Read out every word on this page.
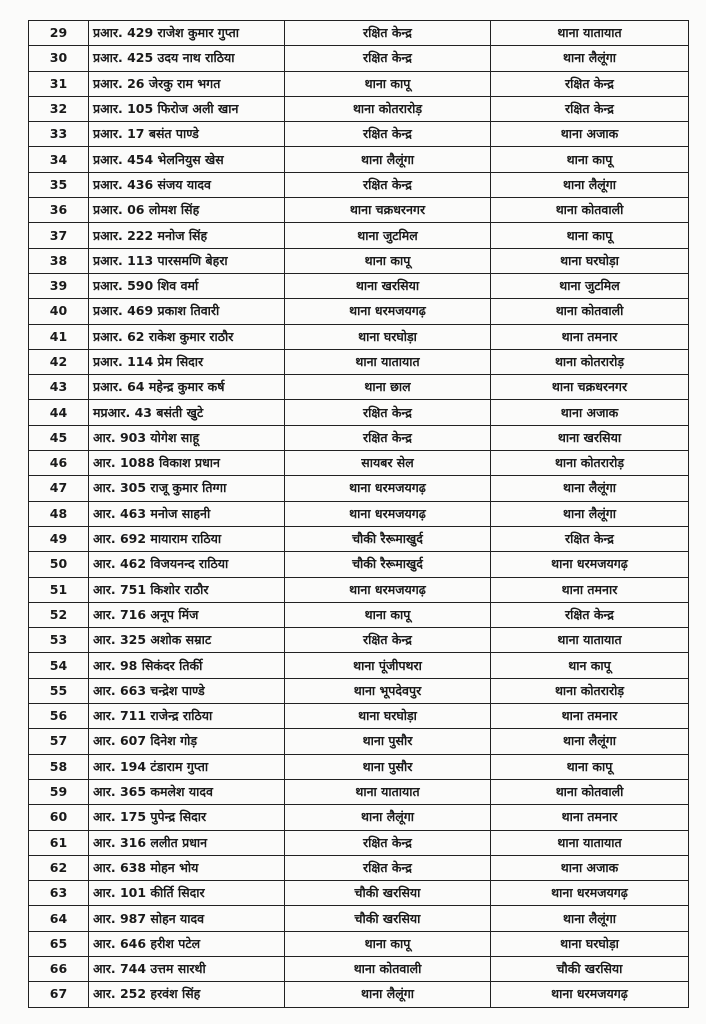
29	प्रआर. 429 राजेश कुमार गुप्ता	रक्षित केन्द्र	थाना यातायात
30	प्रआर. 425 उदय नाथ राठिया	रक्षित केन्द्र	थाना लैलूंगा
31	प्रआर. 26 जेरकु राम भगत	थाना कापू	रक्षित केन्द्र
32	प्रआर. 105 फिरोज अली खान	थाना कोतरारोड़	रक्षित केन्द्र
33	प्रआर. 17 बसंत पाण्डे	रक्षित केन्द्र	थाना अजाक
34	प्रआर. 454 भेलनियुस खेस	थाना लैलूंगा	थाना कापू
35	प्रआर. 436 संजय यादव	रक्षित केन्द्र	थाना लैलूंगा
36	प्रआर. 06 लोमश सिंह	थाना चक्रधरनगर	थाना कोतवाली
37	प्रआर. 222 मनोज सिंह	थाना जुटमिल	थाना कापू
38	प्रआर. 113 पारसमणि बेहरा	थाना कापू	थाना घरघोड़ा
39	प्रआर. 590 शिव वर्मा	थाना खरसिया	थाना जुटमिल
40	प्रआर. 469 प्रकाश तिवारी	थाना धरमजयगढ़	थाना कोतवाली
41	प्रआर. 62 राकेश कुमार राठौर	थाना घरघोड़ा	थाना तमनार
42	प्रआर. 114 प्रेम सिदार	थाना यातायात	थाना कोतरारोड़
43	प्रआर. 64 महेन्द्र कुमार कर्ष	थाना छाल	थाना चक्रधरनगर
44	मप्रआर. 43 बसंती खुटे	रक्षित केन्द्र	थाना अजाक
45	आर. 903 योगेश साहू	रक्षित केन्द्र	थाना खरसिया
46	आर. 1088 विकाश प्रधान	सायबर सेल	थाना कोतरारोड़
47	आर. 305 राजू कुमार तिग्गा	थाना धरमजयगढ़	थाना लैलूंगा
48	आर. 463 मनोज साहनी	थाना धरमजयगढ़	थाना लैलूंगा
49	आर. 692 मायाराम राठिया	चौकी रैरूमाखुर्द	रक्षित केन्द्र
50	आर. 462 विजयनन्द राठिया	चौकी रैरूमाखुर्द	थाना धरमजयगढ़
51	आर. 751 किशोर राठौर	थाना धरमजयगढ़	थाना तमनार
52	आर. 716 अनूप मिंज	थाना कापू	रक्षित केन्द्र
53	आर. 325 अशोक सम्राट	रक्षित केन्द्र	थाना यातायात
54	आर. 98 सिकंदर तिर्की	थाना पूंजीपथरा	थान कापू
55	आर. 663 चन्द्रेश पाण्डे	थाना भूपदेवपुर	थाना कोतरारोड़
56	आर. 711 राजेन्द्र राठिया	थाना घरघोड़ा	थाना तमनार
57	आर. 607 दिनेश गोड़	थाना पुसौर	थाना लैलूंगा
58	आर. 194 टंडाराम गुप्ता	थाना पुसौर	थाना कापू
59	आर. 365 कमलेश यादव	थाना यातायात	थाना कोतवाली
60	आर. 175 पुपेन्द्र सिदार	थाना लैलूंगा	थाना तमनार
61	आर. 316 ललीत प्रधान	रक्षित केन्द्र	थाना यातायात
62	आर. 638 मोहन भोय	रक्षित केन्द्र	थाना अजाक
63	आर. 101 कीर्ति सिदार	चौकी खरसिया	थाना धरमजयगढ़
64	आर. 987 सोहन यादव	चौकी खरसिया	थाना लैलूंगा
65	आर. 646 हरीश पटेल	थाना कापू	थाना घरघोड़ा
66	आर. 744 उत्तम सारथी	थाना कोतवाली	चौकी खरसिया
67	आर. 252 हरवंश सिंह	थाना लैलूंगा	थाना धरमजयगढ़
